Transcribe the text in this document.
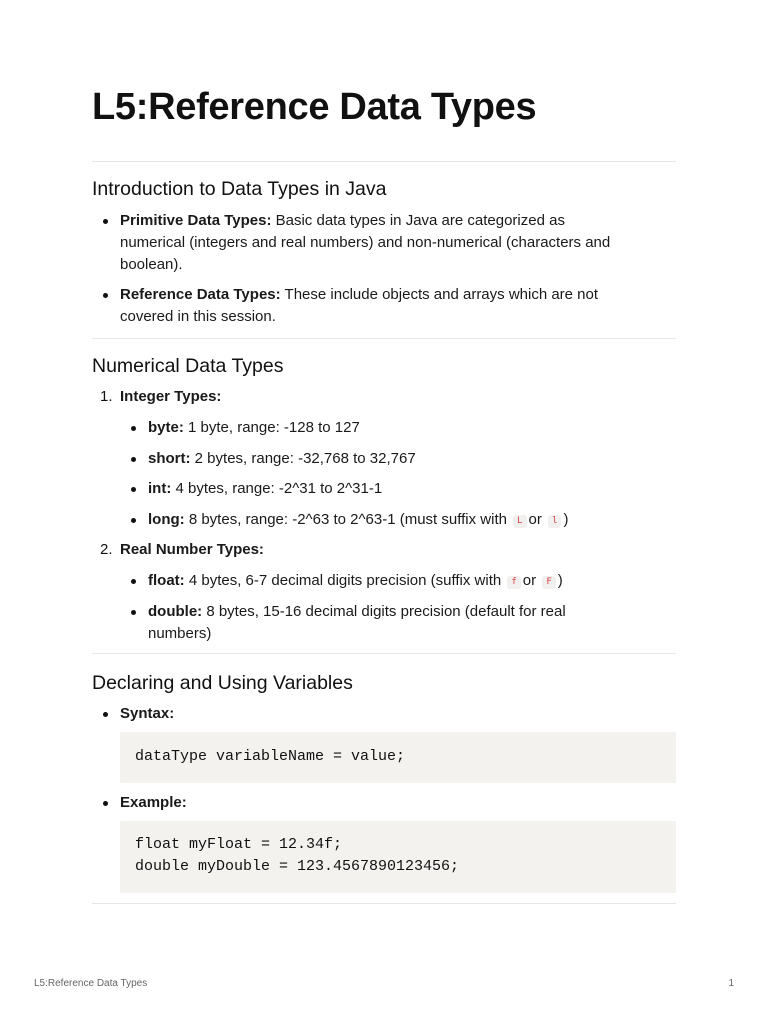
L5:Reference Data Types
Introduction to Data Types in Java
Primitive Data Types: Basic data types in Java are categorized as
numerical (integers and real numbers) and non-numerical (characters and
boolean).
Reference Data Types: These include objects and arrays which are not
covered in this session.
Numerical Data Types
1. Integer Types:
byte: 1 byte, range: -128 to 127
short: 2 bytes, range: -32,768 to 32,767
int: 4 bytes, range: -2^31 to 2^31-1
long: 8 bytes, range: -2^63 to 2^63-1 (must suffix with L or l )
2. Real Number Types:
float: 4 bytes, 6-7 decimal digits precision (suffix with f or F )
double: 8 bytes, 15-16 decimal digits precision (default for real
numbers)
Declaring and Using Variables
Syntax:
dataType variableName = value;
Example:
float myFloat = 12.34f;
double myDouble = 123.4567890123456;
L5:Reference Data Types	1
